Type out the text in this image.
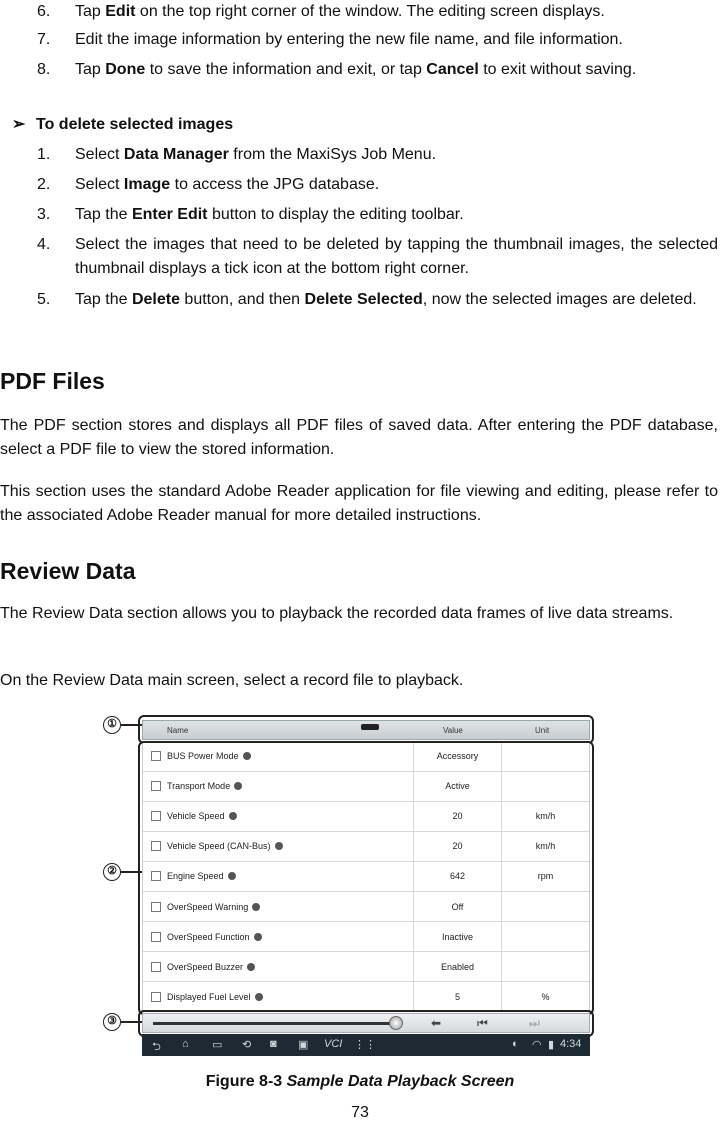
6. Tap Edit on the top right corner of the window. The editing screen displays.
7. Edit the image information by entering the new file name, and file information.
8. Tap Done to save the information and exit, or tap Cancel to exit without saving.
➢ To delete selected images
1. Select Data Manager from the MaxiSys Job Menu.
2. Select Image to access the JPG database.
3. Tap the Enter Edit button to display the editing toolbar.
4. Select the images that need to be deleted by tapping the thumbnail images, the selected thumbnail displays a tick icon at the bottom right corner.
5. Tap the Delete button, and then Delete Selected, now the selected images are deleted.
PDF Files
The PDF section stores and displays all PDF files of saved data. After entering the PDF database, select a PDF file to view the stored information.
This section uses the standard Adobe Reader application for file viewing and editing, please refer to the associated Adobe Reader manual for more detailed instructions.
Review Data
The Review Data section allows you to playback the recorded data frames of live data streams.
On the Review Data main screen, select a record file to playback.
①
②
③
Name	Value	Unit
BUS Power Mode	Accessory
Transport Mode	Active
Vehicle Speed	20	km/h
Vehicle Speed (CAN-Bus)	20	km/h
Engine Speed	642	rpm
OverSpeed Warning	Off
OverSpeed Function	Inactive
OverSpeed Buzzer	Enabled
Displayed Fuel Level	5	%
⬅	⏮	⏭
⮌ ⌂ ▭ ⟲ ◙ ▣ VCI ⋮⋮	◐ ◠ ▮ 4:34
Figure 8-3 Sample Data Playback Screen
73
